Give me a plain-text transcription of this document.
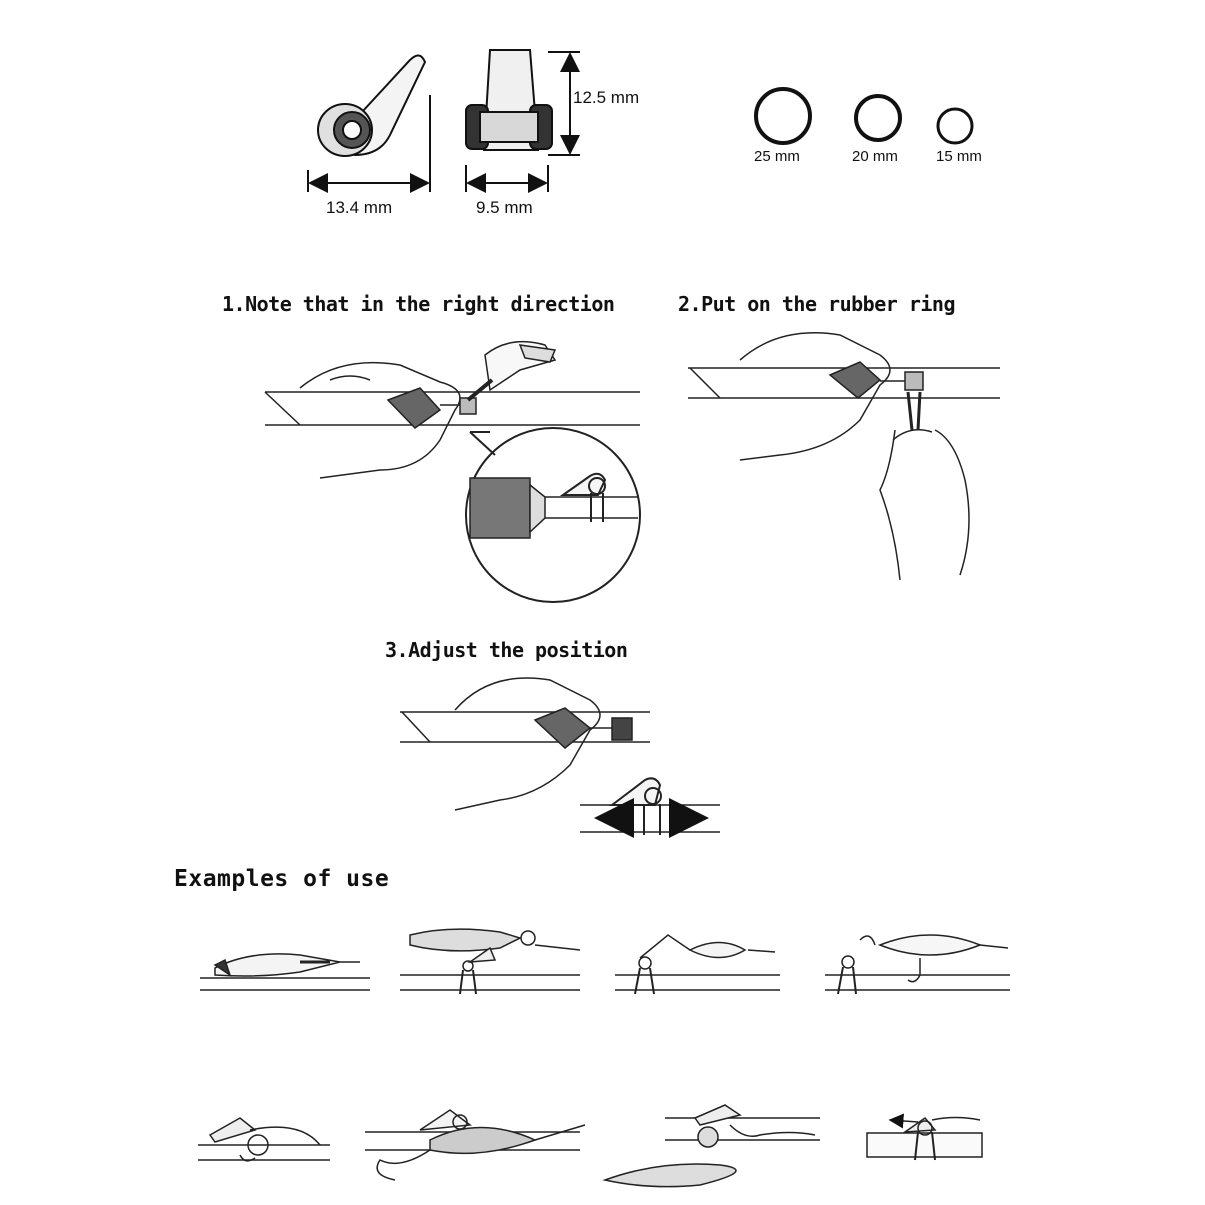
13.4 mm	9.5 mm
12.5 mm
25 mm	20 mm	15 mm
1.Note that in the right direction	2.Put on the rubber ring
3.Adjust the position
Examples of use
